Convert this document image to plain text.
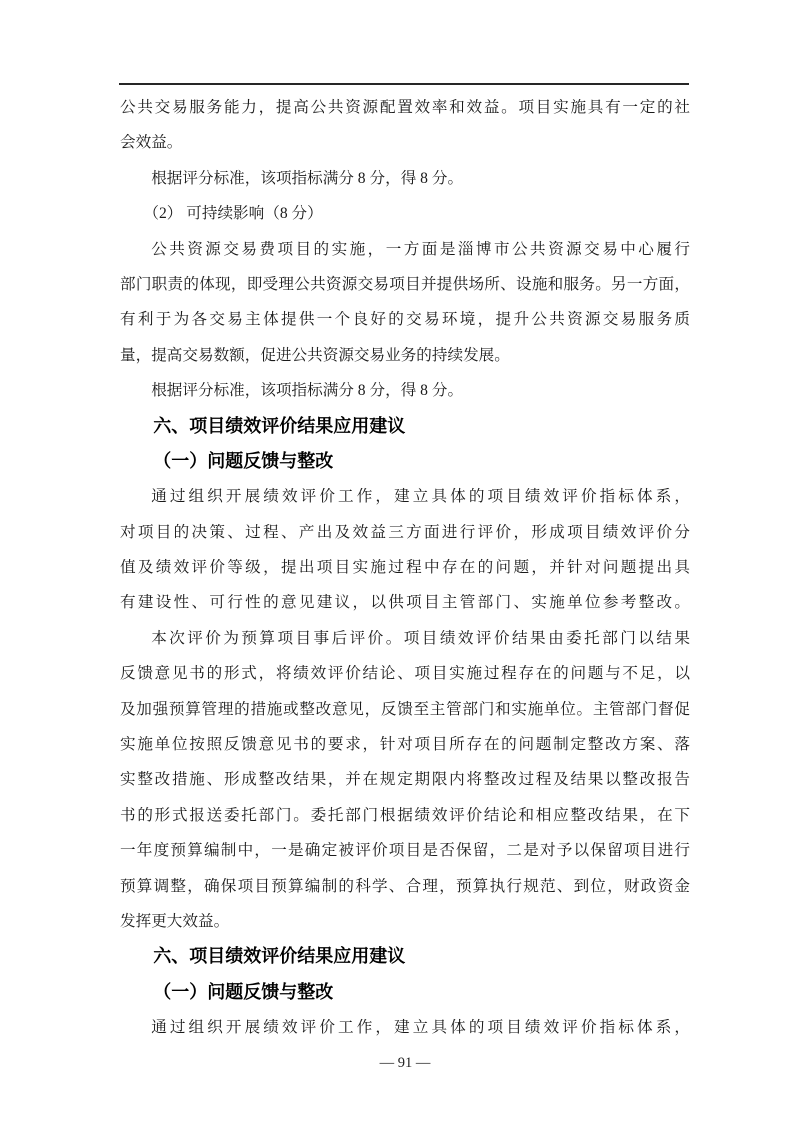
公共交易服务能力，提高公共资源配置效率和效益。项目实施具有一定的社
会效益。
根据评分标准，该项指标满分 8 分，得 8 分。
（2） 可持续影响（8 分）
公共资源交易费项目的实施，一方面是淄博市公共资源交易中心履行
部门职责的体现，即受理公共资源交易项目并提供场所、设施和服务。另一方面，
有利于为各交易主体提供一个良好的交易环境，提升公共资源交易服务质
量，提高交易数额，促进公共资源交易业务的持续发展。
根据评分标准，该项指标满分 8 分，得 8 分。
六、项目绩效评价结果应用建议
（一）问题反馈与整改
通过组织开展绩效评价工作，建立具体的项目绩效评价指标体系，
对项目的决策、过程、产出及效益三方面进行评价，形成项目绩效评价分
值及绩效评价等级，提出项目实施过程中存在的问题，并针对问题提出具
有建设性、可行性的意见建议，以供项目主管部门、实施单位参考整改。
本次评价为预算项目事后评价。项目绩效评价结果由委托部门以结果
反馈意见书的形式，将绩效评价结论、项目实施过程存在的问题与不足，以
及加强预算管理的措施或整改意见，反馈至主管部门和实施单位。主管部门督促
实施单位按照反馈意见书的要求，针对项目所存在的问题制定整改方案、落
实整改措施、形成整改结果，并在规定期限内将整改过程及结果以整改报告
书的形式报送委托部门。委托部门根据绩效评价结论和相应整改结果，在下
一年度预算编制中，一是确定被评价项目是否保留，二是对予以保留项目进行
预算调整，确保项目预算编制的科学、合理，预算执行规范、到位，财政资金
发挥更大效益。
六、项目绩效评价结果应用建议
（一）问题反馈与整改
通过组织开展绩效评价工作，建立具体的项目绩效评价指标体系，
— 91 —
